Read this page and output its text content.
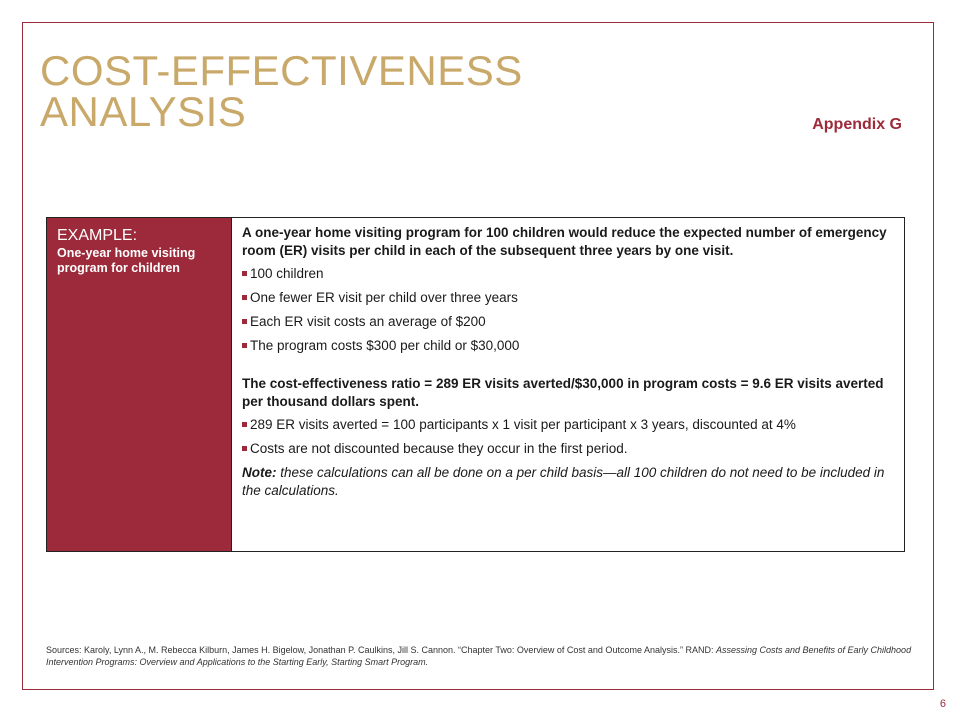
COST-EFFECTIVENESS
ANALYSIS	Appendix G
EXAMPLE:
One-year home visiting program for children

A one-year home visiting program for 100 children would reduce the expected number of emergency room (ER) visits per child in each of the subsequent three years by one visit.

100 children
One fewer ER visit per child over three years
Each ER visit costs an average of $200
The program costs $300 per child or $30,000

The cost-effectiveness ratio = 289 ER visits averted/$30,000 in program costs = 9.6 ER visits averted per thousand dollars spent.

289 ER visits averted = 100 participants x 1 visit per participant x 3 years, discounted at 4%
Costs are not discounted because they occur in the first period.

Note: these calculations can all be done on a per child basis—all 100 children do not need to be included in the calculations.

Sources: Karoly, Lynn A., M. Rebecca Kilburn, James H. Bigelow, Jonathan P. Caulkins, Jill S. Cannon. “Chapter Two: Overview of Cost and Outcome Analysis.” RAND: Assessing Costs and Benefits of Early Childhood Intervention Programs: Overview and Applications to the Starting Early, Starting Smart Program.
6
